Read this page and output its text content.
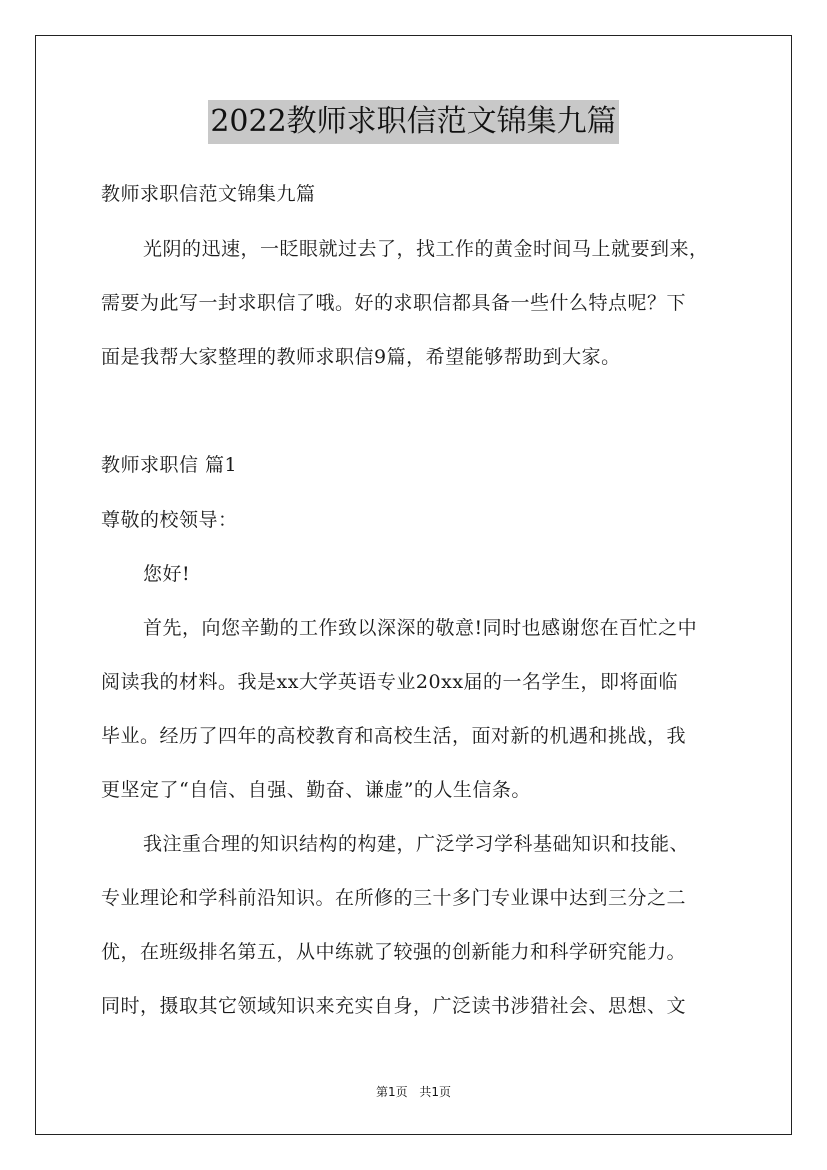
2022教师求职信范文锦集九篇
教师求职信范文锦集九篇
光阴的迅速，一眨眼就过去了，找工作的黄金时间马上就要到来，
需要为此写一封求职信了哦。好的求职信都具备一些什么特点呢？下
面是我帮大家整理的教师求职信9篇，希望能够帮助到大家。
教师求职信 篇1
尊敬的校领导：
您好!
首先，向您辛勤的工作致以深深的敬意!同时也感谢您在百忙之中
阅读我的材料。我是xx大学英语专业20xx届的一名学生，即将面临
毕业。经历了四年的高校教育和高校生活，面对新的机遇和挑战，我
更坚定了“自信、自强、勤奋、谦虚”的人生信条。
我注重合理的知识结构的构建，广泛学习学科基础知识和技能、
专业理论和学科前沿知识。在所修的三十多门专业课中达到三分之二
优，在班级排名第五，从中练就了较强的创新能力和科学研究能力。
同时，摄取其它领域知识来充实自身，广泛读书涉猎社会、思想、文
第1页 共1页
